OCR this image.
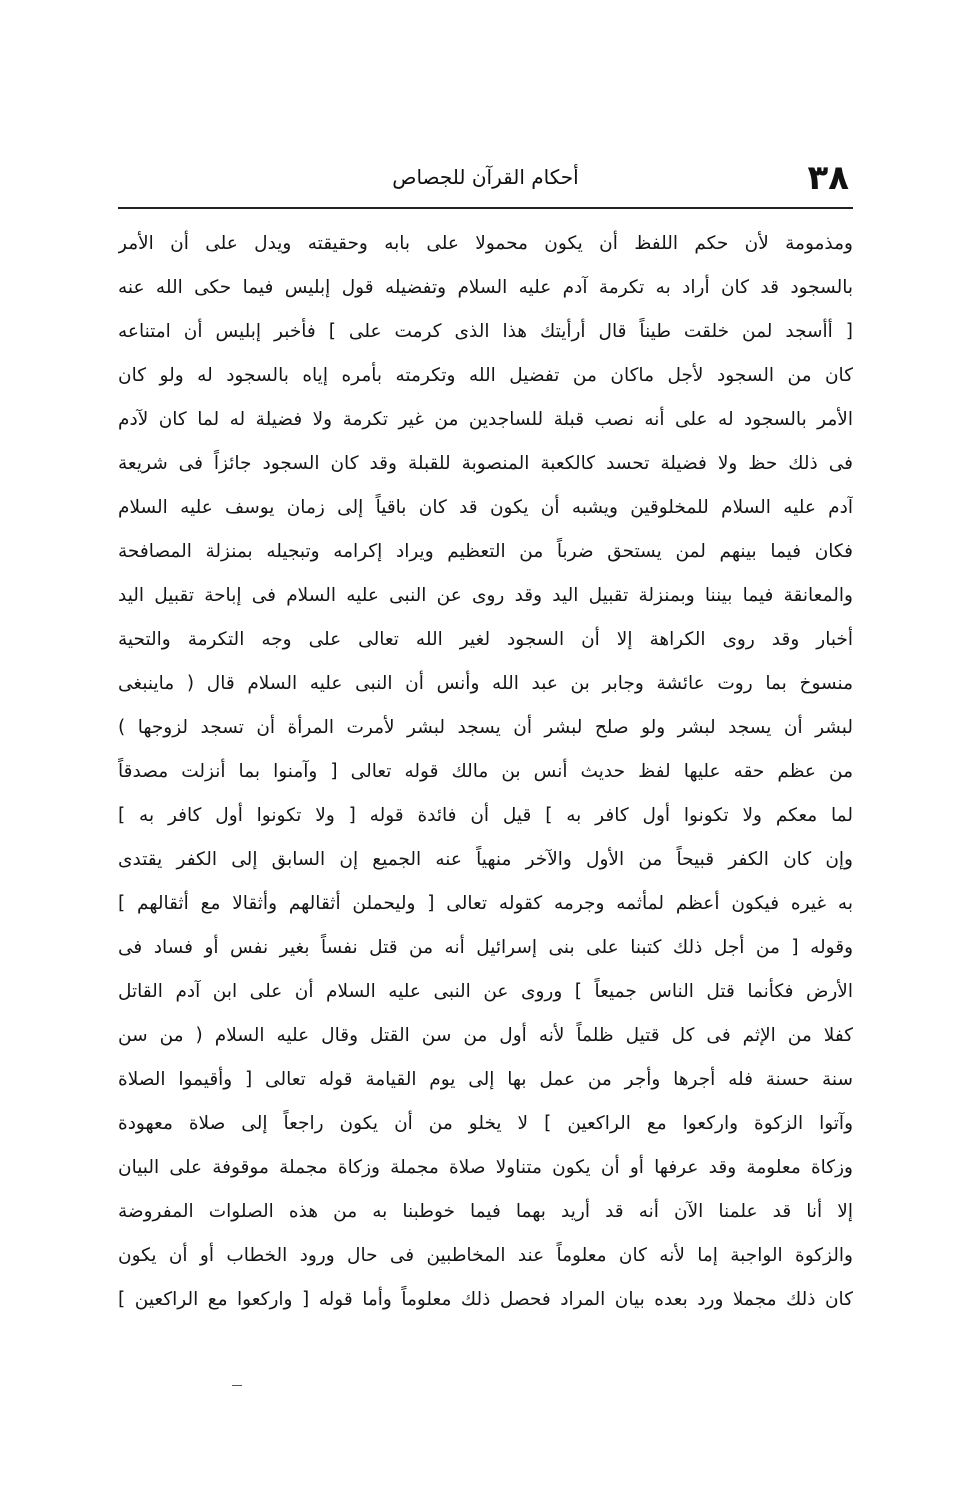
٣٨
أحكام القرآن للجصاص
ومذمومة لأن حكم اللفظ أن يكون محمولا على بابه وحقيقته ويدل على أن الأمر
بالسجود قد كان أراد به تكرمة آدم عليه السلام وتفضيله قول إبليس فيما حكى الله عنه
[ أأسجد لمن خلقت طيناً قال أرأيتك هذا الذى كرمت على ] فأخبر إبليس أن امتناعه
كان من السجود لأجل ماكان من تفضيل الله وتكرمته بأمره إياه بالسجود له ولو كان
الأمر بالسجود له على أنه نصب قبلة للساجدين من غير تكرمة ولا فضيلة له لما كان لآدم
فى ذلك حظ ولا فضيلة تحسد كالكعبة المنصوبة للقبلة وقد كان السجود جائزاً فى شريعة
آدم عليه السلام للمخلوقين ويشبه أن يكون قد كان باقياً إلى زمان يوسف عليه السلام
فكان فيما بينهم لمن يستحق ضرباً من التعظيم ويراد إكرامه وتبجيله بمنزلة المصافحة
والمعانقة فيما بيننا وبمنزلة تقبيل اليد وقد روى عن النبى عليه السلام فى إباحة تقبيل اليد
أخبار وقد روى الكراهة إلا أن السجود لغير الله تعالى على وجه التكرمة والتحية
منسوخ بما روت عائشة وجابر بن عبد الله وأنس أن النبى عليه السلام قال ( ماينبغى
لبشر أن يسجد لبشر ولو صلح لبشر أن يسجد لبشر لأمرت المرأة أن تسجد لزوجها )
من عظم حقه عليها لفظ حديث أنس بن مالك قوله تعالى [ وآمنوا بما أنزلت مصدقاً
لما معكم ولا تكونوا أول كافر به ] قيل أن فائدة قوله [ ولا تكونوا أول كافر به ]
وإن كان الكفر قبيحاً من الأول والآخر منهياً عنه الجميع إن السابق إلى الكفر يقتدى
به غيره فيكون أعظم لمأثمه وجرمه كقوله تعالى [ وليحملن أثقالهم وأثقالا مع أثقالهم ]
وقوله [ من أجل ذلك كتبنا على بنى إسرائيل أنه من قتل نفساً بغير نفس أو فساد فى
الأرض فكأنما قتل الناس جميعاً ] وروى عن النبى عليه السلام أن على ابن آدم القاتل
كفلا من الإثم فى كل قتيل ظلماً لأنه أول من سن القتل وقال عليه السلام ( من سن
سنة حسنة فله أجرها وأجر من عمل بها إلى يوم القيامة قوله تعالى [ وأقيموا الصلاة
وآتوا الزكوة واركعوا مع الراكعين ] لا يخلو من أن يكون راجعاً إلى صلاة معهودة
وزكاة معلومة وقد عرفها أو أن يكون متناولا صلاة مجملة وزكاة مجملة موقوفة على البيان
إلا أنا قد علمنا الآن أنه قد أريد بهما فيما خوطبنا به من هذه الصلوات المفروضة
والزكوة الواجبة إما لأنه كان معلوماً عند المخاطبين فى حال ورود الخطاب أو أن يكون
كان ذلك مجملا ورد بعده بيان المراد فحصل ذلك معلوماً وأما قوله [ واركعوا مع الراكعين ]
